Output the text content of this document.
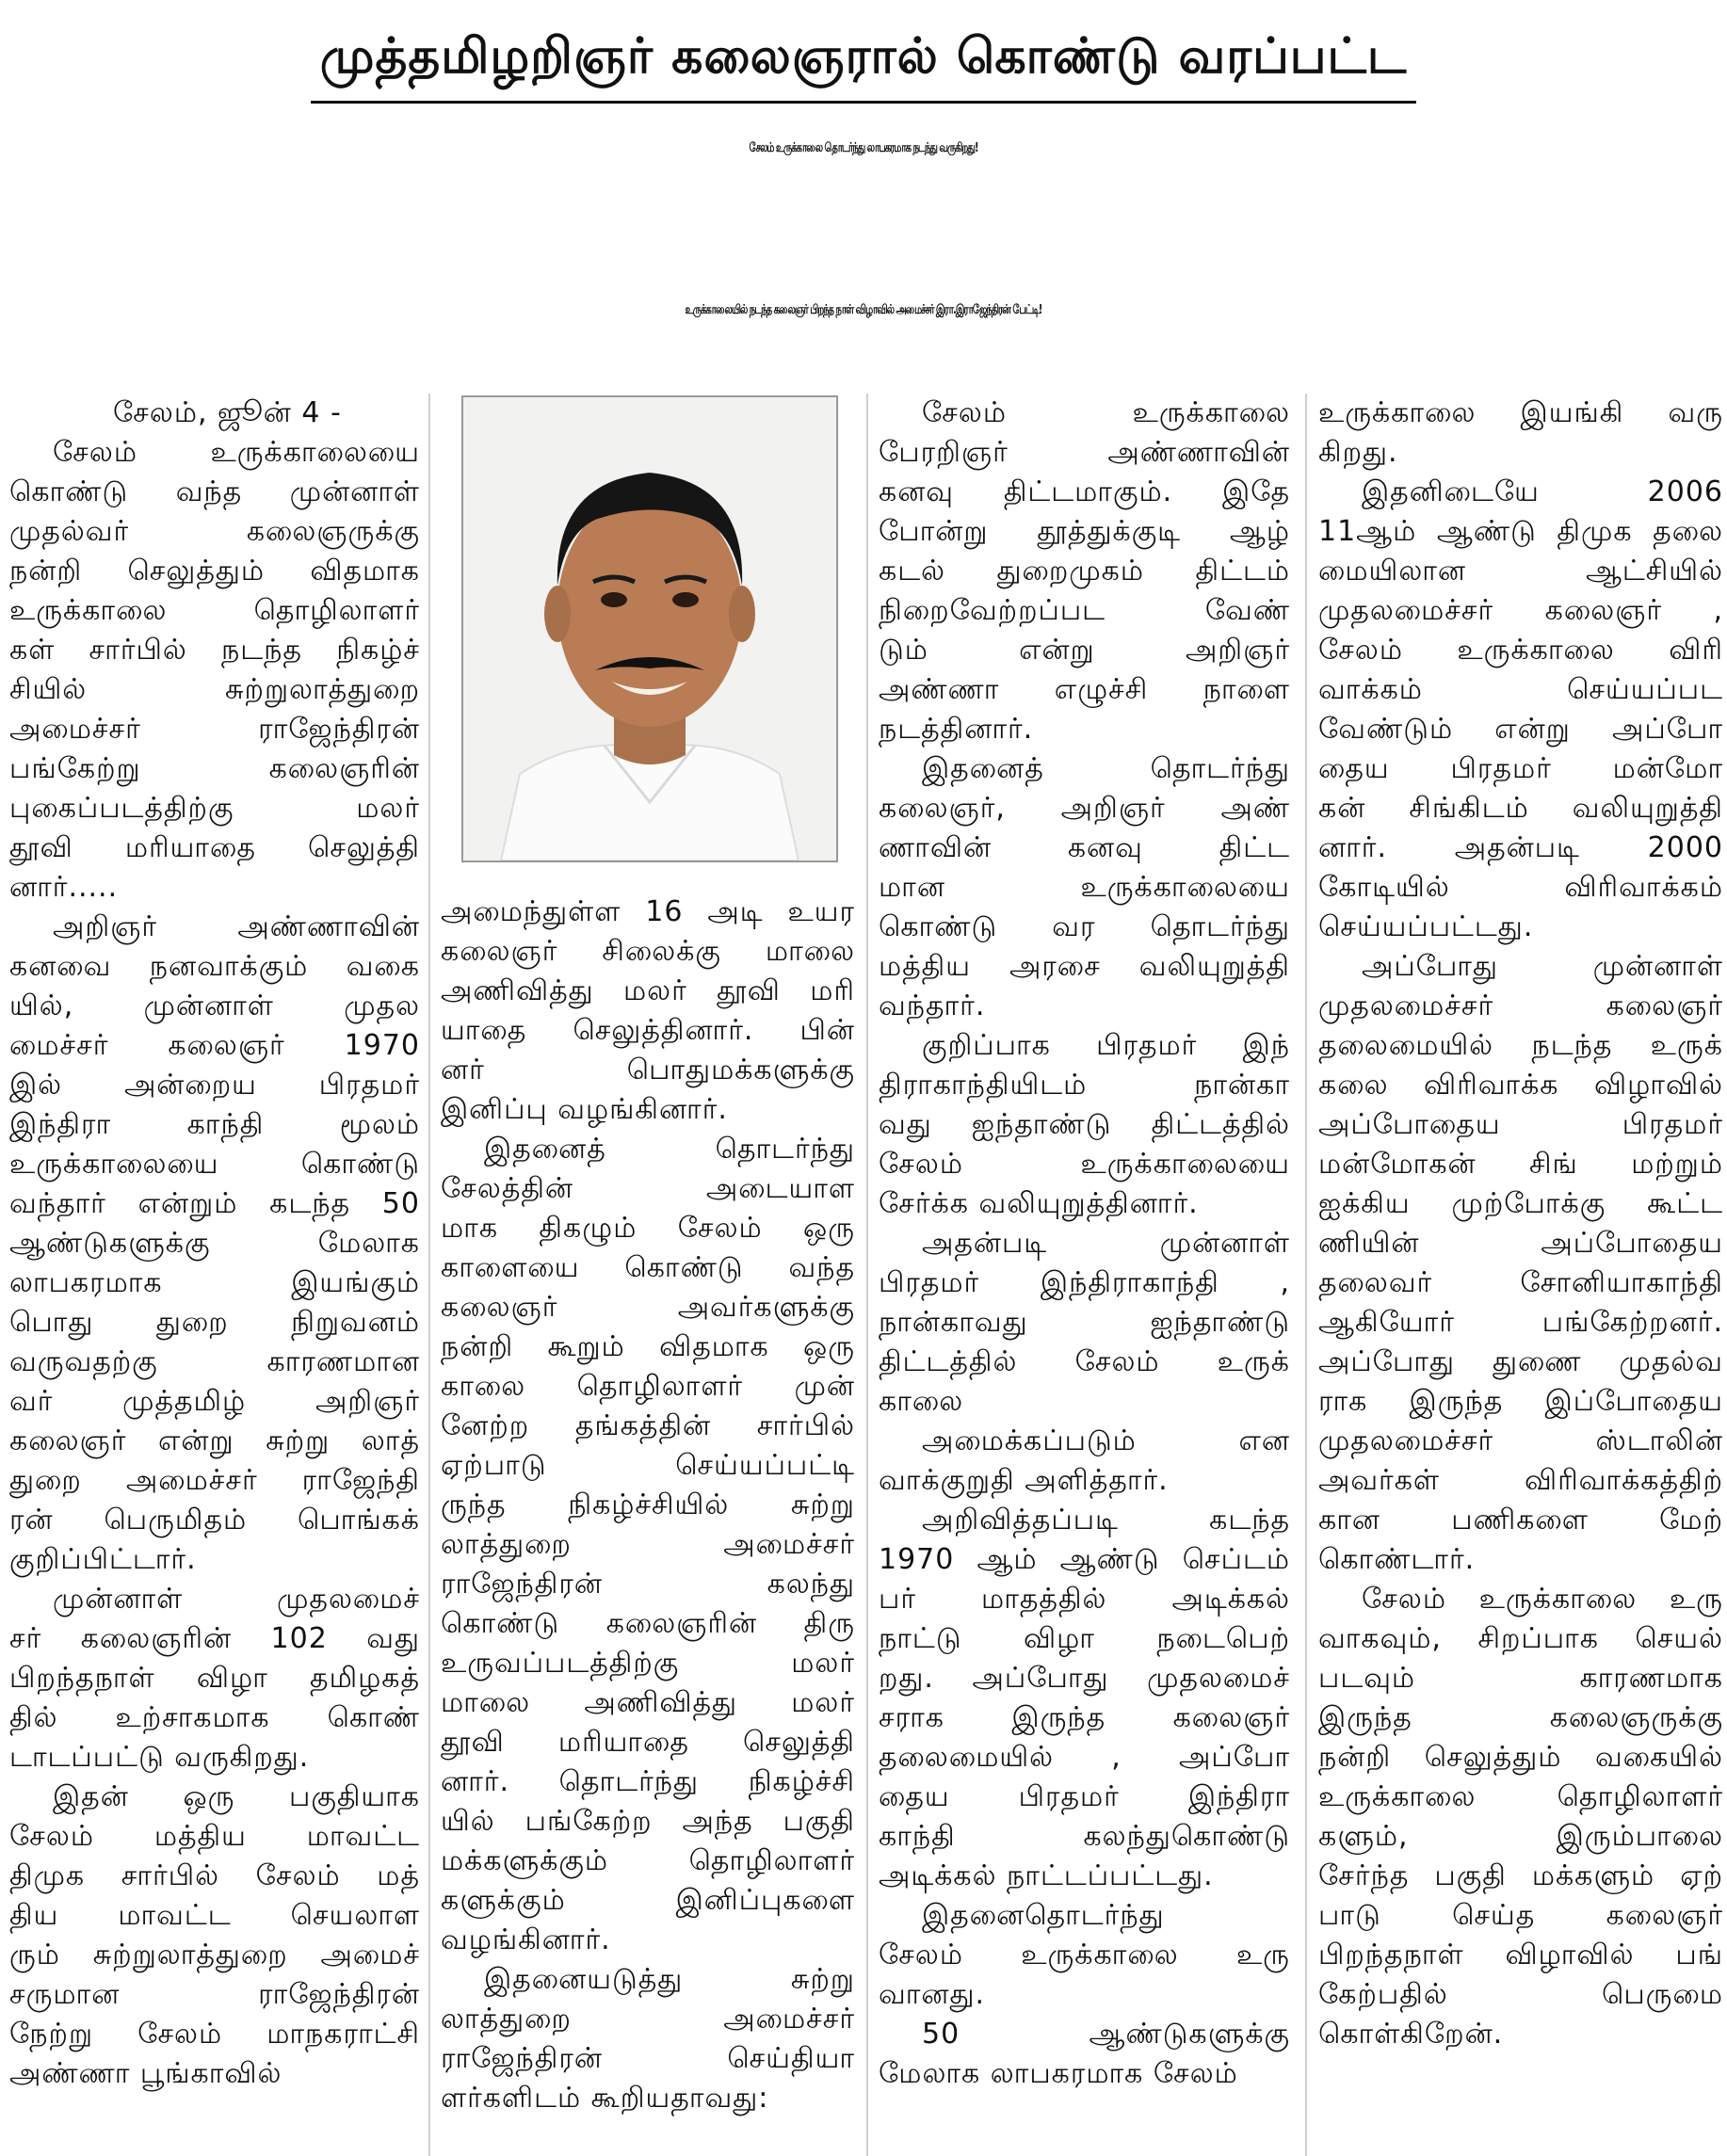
முத்தமிழறிஞர் கலைஞரால் கொண்டு வரப்பட்ட
சேலம் உருக்காலை தொடர்ந்து லாபகரமாக நடந்து வருகிறது!
உருக்காலையில் நடந்த கலைஞர் பிறந்த நாள் விழாவில் அமைச்சர் இரா.இராஜேந்திரன் பேட்டி!
சேலம், ஜூன் 4 -
சேலம் உருக்காலையை
கொண்டு வந்த முன்னாள்
முதல்வர் கலைஞருக்கு
நன்றி செலுத்தும் விதமாக
உருக்காலை தொழிலாளர்
கள் சார்பில் நடந்த நிகழ்ச்
சியில் சுற்றுலாத்துறை
அமைச்சர் ராஜேந்திரன்
பங்கேற்று கலைஞரின்
புகைப்படத்திற்கு மலர்
தூவி மரியாதை செலுத்தி
னார்.....
அறிஞர் அண்ணாவின்
கனவை நனவாக்கும் வகை
யில், முன்னாள் முதல
மைச்சர் கலைஞர் 1970
இல் அன்றைய பிரதமர்
இந்திரா காந்தி மூலம்
உருக்காலையை கொண்டு
வந்தார் என்றும் கடந்த 50
ஆண்டுகளுக்கு மேலாக
லாபகரமாக இயங்கும்
பொது துறை நிறுவனம்
வருவதற்கு காரணமான
வர் முத்தமிழ் அறிஞர்
கலைஞர் என்று சுற்று லாத்
துறை அமைச்சர் ராஜேந்தி
ரன் பெருமிதம் பொங்கக்
குறிப்பிட்டார்.
முன்னாள் முதலமைச்
சர் கலைஞரின் 102 வது
பிறந்தநாள் விழா தமிழகத்
தில் உற்சாகமாக கொண்
டாடப்பட்டு வருகிறது.
இதன் ஒரு பகுதியாக
சேலம் மத்திய மாவட்ட
திமுக சார்பில் சேலம் மத்
திய மாவட்ட செயலாள
ரும் சுற்றுலாத்துறை அமைச்
சருமான ராஜேந்திரன்
நேற்று சேலம் மாநகராட்சி
அண்ணா பூங்காவில்
அமைந்துள்ள 16 அடி உயர
கலைஞர் சிலைக்கு மாலை
அணிவித்து மலர் தூவி மரி
யாதை செலுத்தினார். பின்
னர் பொதுமக்களுக்கு
இனிப்பு வழங்கினார்.
இதனைத் தொடர்ந்து
சேலத்தின் அடையாள
மாக திகழும் சேலம் ஒரு
காளையை கொண்டு வந்த
கலைஞர் அவர்களுக்கு
நன்றி கூறும் விதமாக ஒரு
காலை தொழிலாளர் முன்
னேற்ற தங்கத்தின் சார்பில்
ஏற்பாடு செய்யப்பட்டி
ருந்த நிகழ்ச்சியில் சுற்று
லாத்துறை அமைச்சர்
ராஜேந்திரன் கலந்து
கொண்டு கலைஞரின் திரு
உருவப்படத்திற்கு மலர்
மாலை அணிவித்து மலர்
தூவி மரியாதை செலுத்தி
னார். தொடர்ந்து நிகழ்ச்சி
யில் பங்கேற்ற அந்த பகுதி
மக்களுக்கும் தொழிலாளர்
களுக்கும் இனிப்புகளை
வழங்கினார்.
இதனையடுத்து சுற்று
லாத்துறை அமைச்சர்
ராஜேந்திரன் செய்தியா
ளர்களிடம் கூறியதாவது:
சேலம் உருக்காலை
பேரறிஞர் அண்ணாவின்
கனவு திட்டமாகும். இதே
போன்று தூத்துக்குடி ஆழ்
கடல் துறைமுகம் திட்டம்
நிறைவேற்றப்பட வேண்
டும் என்று அறிஞர்
அண்ணா எழுச்சி நாளை
நடத்தினார்.
இதனைத் தொடர்ந்து
கலைஞர், அறிஞர் அண்
ணாவின் கனவு திட்ட
மான உருக்காலையை
கொண்டு வர தொடர்ந்து
மத்திய அரசை வலியுறுத்தி
வந்தார்.
குறிப்பாக பிரதமர் இந்
திராகாந்தியிடம் நான்கா
வது ஐந்தாண்டு திட்டத்தில்
சேலம் உருக்காலையை
சேர்க்க வலியுறுத்தினார்.
அதன்படி முன்னாள்
பிரதமர் இந்திராகாந்தி ,
நான்காவது ஐந்தாண்டு
திட்டத்தில் சேலம் உருக்
காலை
அமைக்கப்படும் என
வாக்குறுதி அளித்தார்.
அறிவித்தப்படி கடந்த
1970 ஆம் ஆண்டு செப்டம்
பர் மாதத்தில் அடிக்கல்
நாட்டு விழா நடைபெற்
றது. அப்போது முதலமைச்
சராக இருந்த கலைஞர்
தலைமையில் , அப்போ
தைய பிரதமர் இந்திரா
காந்தி கலந்துகொண்டு
அடிக்கல் நாட்டப்பட்டது.
இதனைதொடர்ந்து
சேலம் உருக்காலை உரு
வானது.
50 ஆண்டுகளுக்கு
மேலாக லாபகரமாக சேலம்
உருக்காலை இயங்கி வரு
கிறது.
இதனிடையே 2006
11ஆம் ஆண்டு திமுக தலை
மையிலான ஆட்சியில்
முதலமைச்சர் கலைஞர் ,
சேலம் உருக்காலை விரி
வாக்கம் செய்யப்பட
வேண்டும் என்று அப்போ
தைய பிரதமர் மன்மோ
கன் சிங்கிடம் வலியுறுத்தி
னார். அதன்படி 2000
கோடியில் விரிவாக்கம்
செய்யப்பட்டது.
அப்போது முன்னாள்
முதலமைச்சர் கலைஞர்
தலைமையில் நடந்த உருக்
கலை விரிவாக்க விழாவில்
அப்போதைய பிரதமர்
மன்மோகன் சிங் மற்றும்
ஐக்கிய முற்போக்கு கூட்ட
ணியின் அப்போதைய
தலைவர் சோனியாகாந்தி
ஆகியோர் பங்கேற்றனர்.
அப்போது துணை முதல்வ
ராக இருந்த இப்போதைய
முதலமைச்சர் ஸ்டாலின்
அவர்கள் விரிவாக்கத்திற்
கான பணிகளை மேற்
கொண்டார்.
சேலம் உருக்காலை உரு
வாகவும், சிறப்பாக செயல்
படவும் காரணமாக
இருந்த கலைஞருக்கு
நன்றி செலுத்தும் வகையில்
உருக்காலை தொழிலாளர்
களும், இரும்பாலை
சேர்ந்த பகுதி மக்களும் ஏற்
பாடு செய்த கலைஞர்
பிறந்தநாள் விழாவில் பங்
கேற்பதில் பெருமை
கொள்கிறேன்.
